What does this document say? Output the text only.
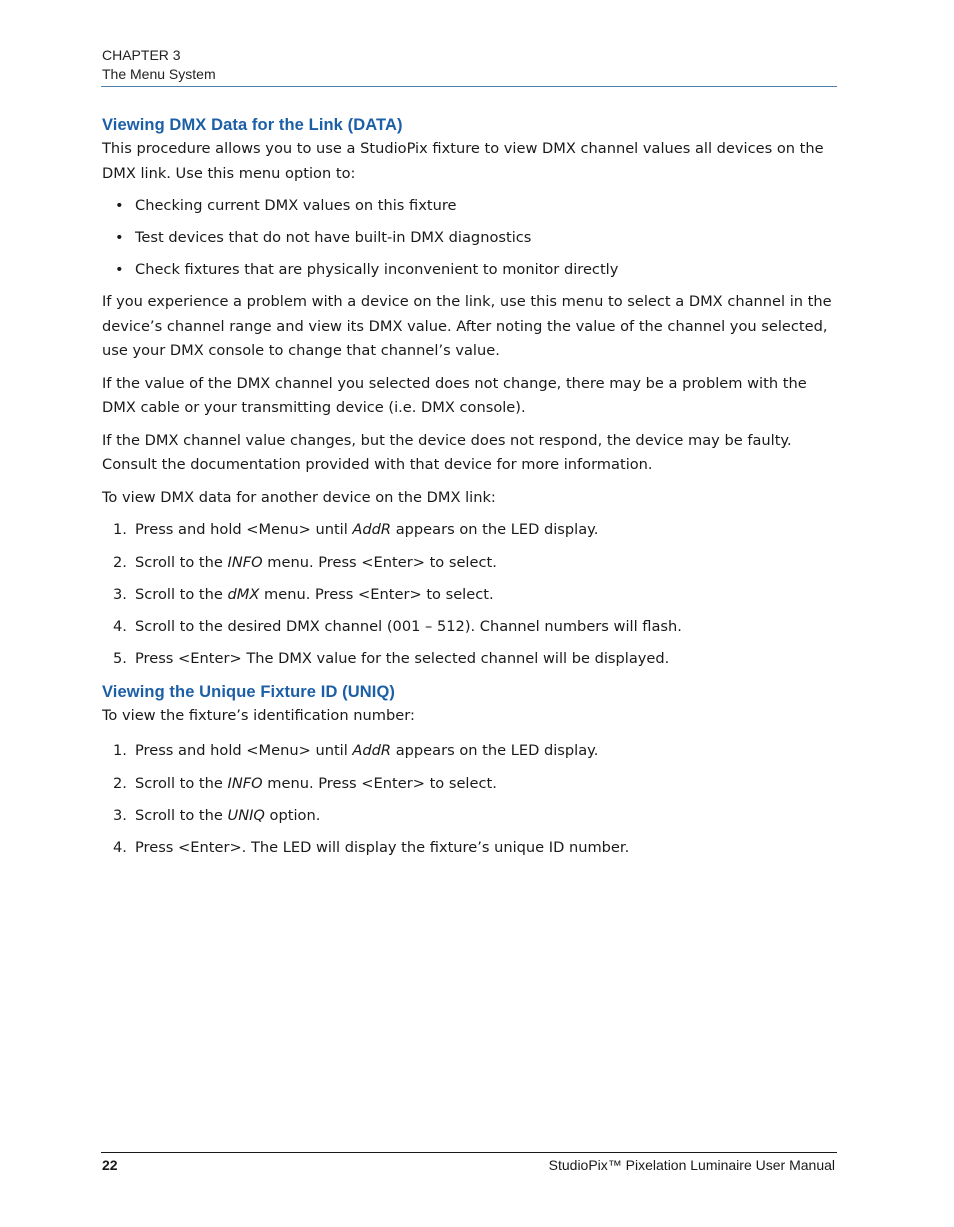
CHAPTER 3
The Menu System
Viewing DMX Data for the Link (DATA)

This procedure allows you to use a StudioPix fixture to view DMX channel values all devices on the DMX link. Use this menu option to:

• Checking current DMX values on this fixture
• Test devices that do not have built-in DMX diagnostics
• Check fixtures that are physically inconvenient to monitor directly

If you experience a problem with a device on the link, use this menu to select a DMX channel in the device’s channel range and view its DMX value. After noting the value of the channel you selected, use your DMX console to change that channel’s value.

If the value of the DMX channel you selected does not change, there may be a problem with the DMX cable or your transmitting device (i.e. DMX console).

If the DMX channel value changes, but the device does not respond, the device may be faulty. Consult the documentation provided with that device for more information.

To view DMX data for another device on the DMX link:

1. Press and hold <Menu> until AddR appears on the LED display.
2. Scroll to the INFO menu. Press <Enter> to select.
3. Scroll to the dMX menu. Press <Enter> to select.
4. Scroll to the desired DMX channel (001 – 512). Channel numbers will flash.
5. Press <Enter> The DMX value for the selected channel will be displayed.
Viewing the Unique Fixture ID (UNIQ)

To view the fixture’s identification number:

1. Press and hold <Menu> until AddR appears on the LED display.
2. Scroll to the INFO menu. Press <Enter> to select.
3. Scroll to the UNIQ option.
4. Press <Enter>. The LED will display the fixture’s unique ID number.
22	StudioPix™ Pixelation Luminaire User Manual
